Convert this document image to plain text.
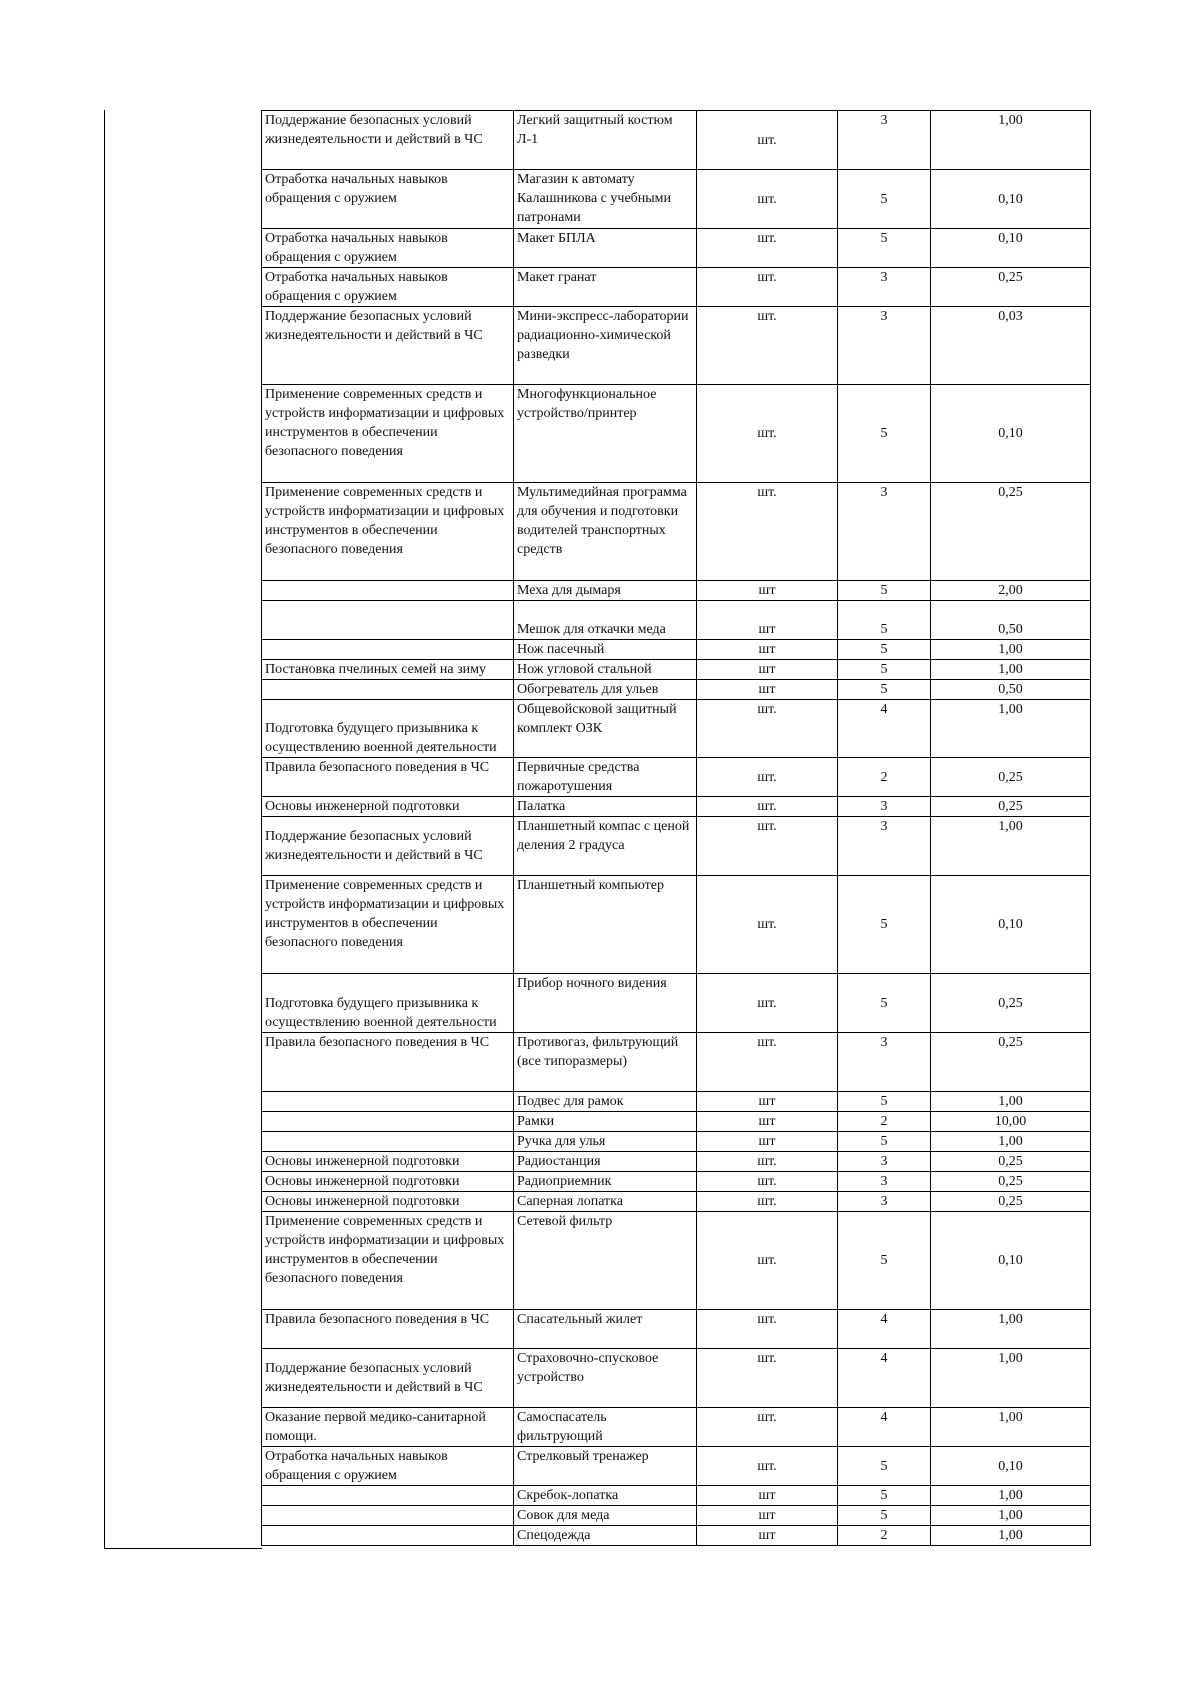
Поддержание безопасных условий жизнедеятельности и действий в ЧС	Легкий защитный костюм Л-1	шт.	3	1,00
Отработка начальных навыков обращения с оружием	Магазин к автомату Калашникова с учебными патронами	шт.	5	0,10
Отработка начальных навыков обращения с оружием	Макет БПЛА	шт.	5	0,10
Отработка начальных навыков обращения с оружием	Макет гранат	шт.	3	0,25
Поддержание безопасных условий жизнедеятельности и действий в ЧС	Мини-экспресс-лаборатории радиационно-химической разведки	шт.	3	0,03
Применение современных средств и устройств информатизации и цифровых инструментов в обеспечении безопасного поведения	Многофункциональное устройство/принтер	шт.	5	0,10
Применение современных средств и устройств информатизации и цифровых инструментов в обеспечении безопасного поведения	Мультимедийная программа для обучения и подготовки водителей транспортных средств	шт.	3	0,25
	Меха для дымаря	шт	5	2,00
	Мешок для откачки меда	шт	5	0,50
	Нож пасечный	шт	5	1,00
Постановка пчелиных семей на зиму	Нож угловой стальной	шт	5	1,00
	Обогреватель для ульев	шт	5	0,50
Подготовка будущего призывника к осуществлению военной деятельности	Общевойсковой защитный комплект ОЗК	шт.	4	1,00
Правила безопасного поведения в ЧС	Первичные средства пожаротушения	шт.	2	0,25
Основы инженерной подготовки	Палатка	шт.	3	0,25
Поддержание безопасных условий жизнедеятельности и действий в ЧС	Планшетный компас с ценой деления 2 градуса	шт.	3	1,00
Применение современных средств и устройств информатизации и цифровых инструментов в обеспечении безопасного поведения	Планшетный компьютер	шт.	5	0,10
Подготовка будущего призывника к осуществлению военной деятельности	Прибор ночного видения	шт.	5	0,25
Правила безопасного поведения в ЧС	Противогаз, фильтрующий (все типоразмеры)	шт.	3	0,25
	Подвес для рамок	шт	5	1,00
	Рамки	шт	2	10,00
	Ручка для улья	шт	5	1,00
Основы инженерной подготовки	Радиостанция	шт.	3	0,25
Основы инженерной подготовки	Радиоприемник	шт.	3	0,25
Основы инженерной подготовки	Саперная лопатка	шт.	3	0,25
Применение современных средств и устройств информатизации и цифровых инструментов в обеспечении безопасного поведения	Сетевой фильтр	шт.	5	0,10
Правила безопасного поведения в ЧС	Спасательный жилет	шт.	4	1,00
Поддержание безопасных условий жизнедеятельности и действий в ЧС	Страховочно-спусковое устройство	шт.	4	1,00
Оказание первой медико-санитарной помощи.	Самоспасатель фильтрующий	шт.	4	1,00
Отработка начальных навыков обращения с оружием	Стрелковый тренажер	шт.	5	0,10
	Скребок-лопатка	шт	5	1,00
	Совок для меда	шт	5	1,00
	Спецодежда	шт	2	1,00
